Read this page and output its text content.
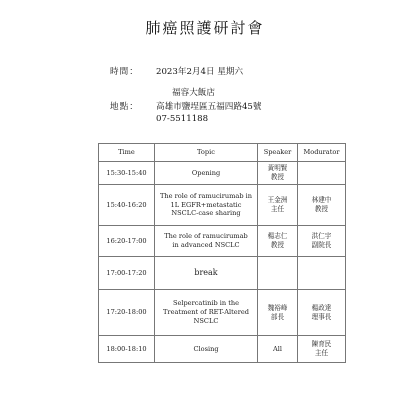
肺癌照護研討會
時間： 2023年2月4日 星期六
福容大飯店
地點： 高雄市鹽埕區五福四路45號
07-5511188
Time	Topic	Speaker	Modurator
15:30-15:40	Opening	黃明賢
教授	

15:40-16:20	The role of ramucirumab in
1L EGFR+metastatic
NSCLC-case sharing	王金洲
主任	林建中
教授

16:20-17:00	The role of ramucirumab
in advanced NSCLC	楊志仁
教授	洪仁宇
副院長

17:00-17:20	break		

17:20-18:00	Selpercatinib in the
Treatment of RET-Altered
NSCLC	魏裕峰
部長	楊政達
理事長

18:00-18:10	Closing	All	陳育民
主任
